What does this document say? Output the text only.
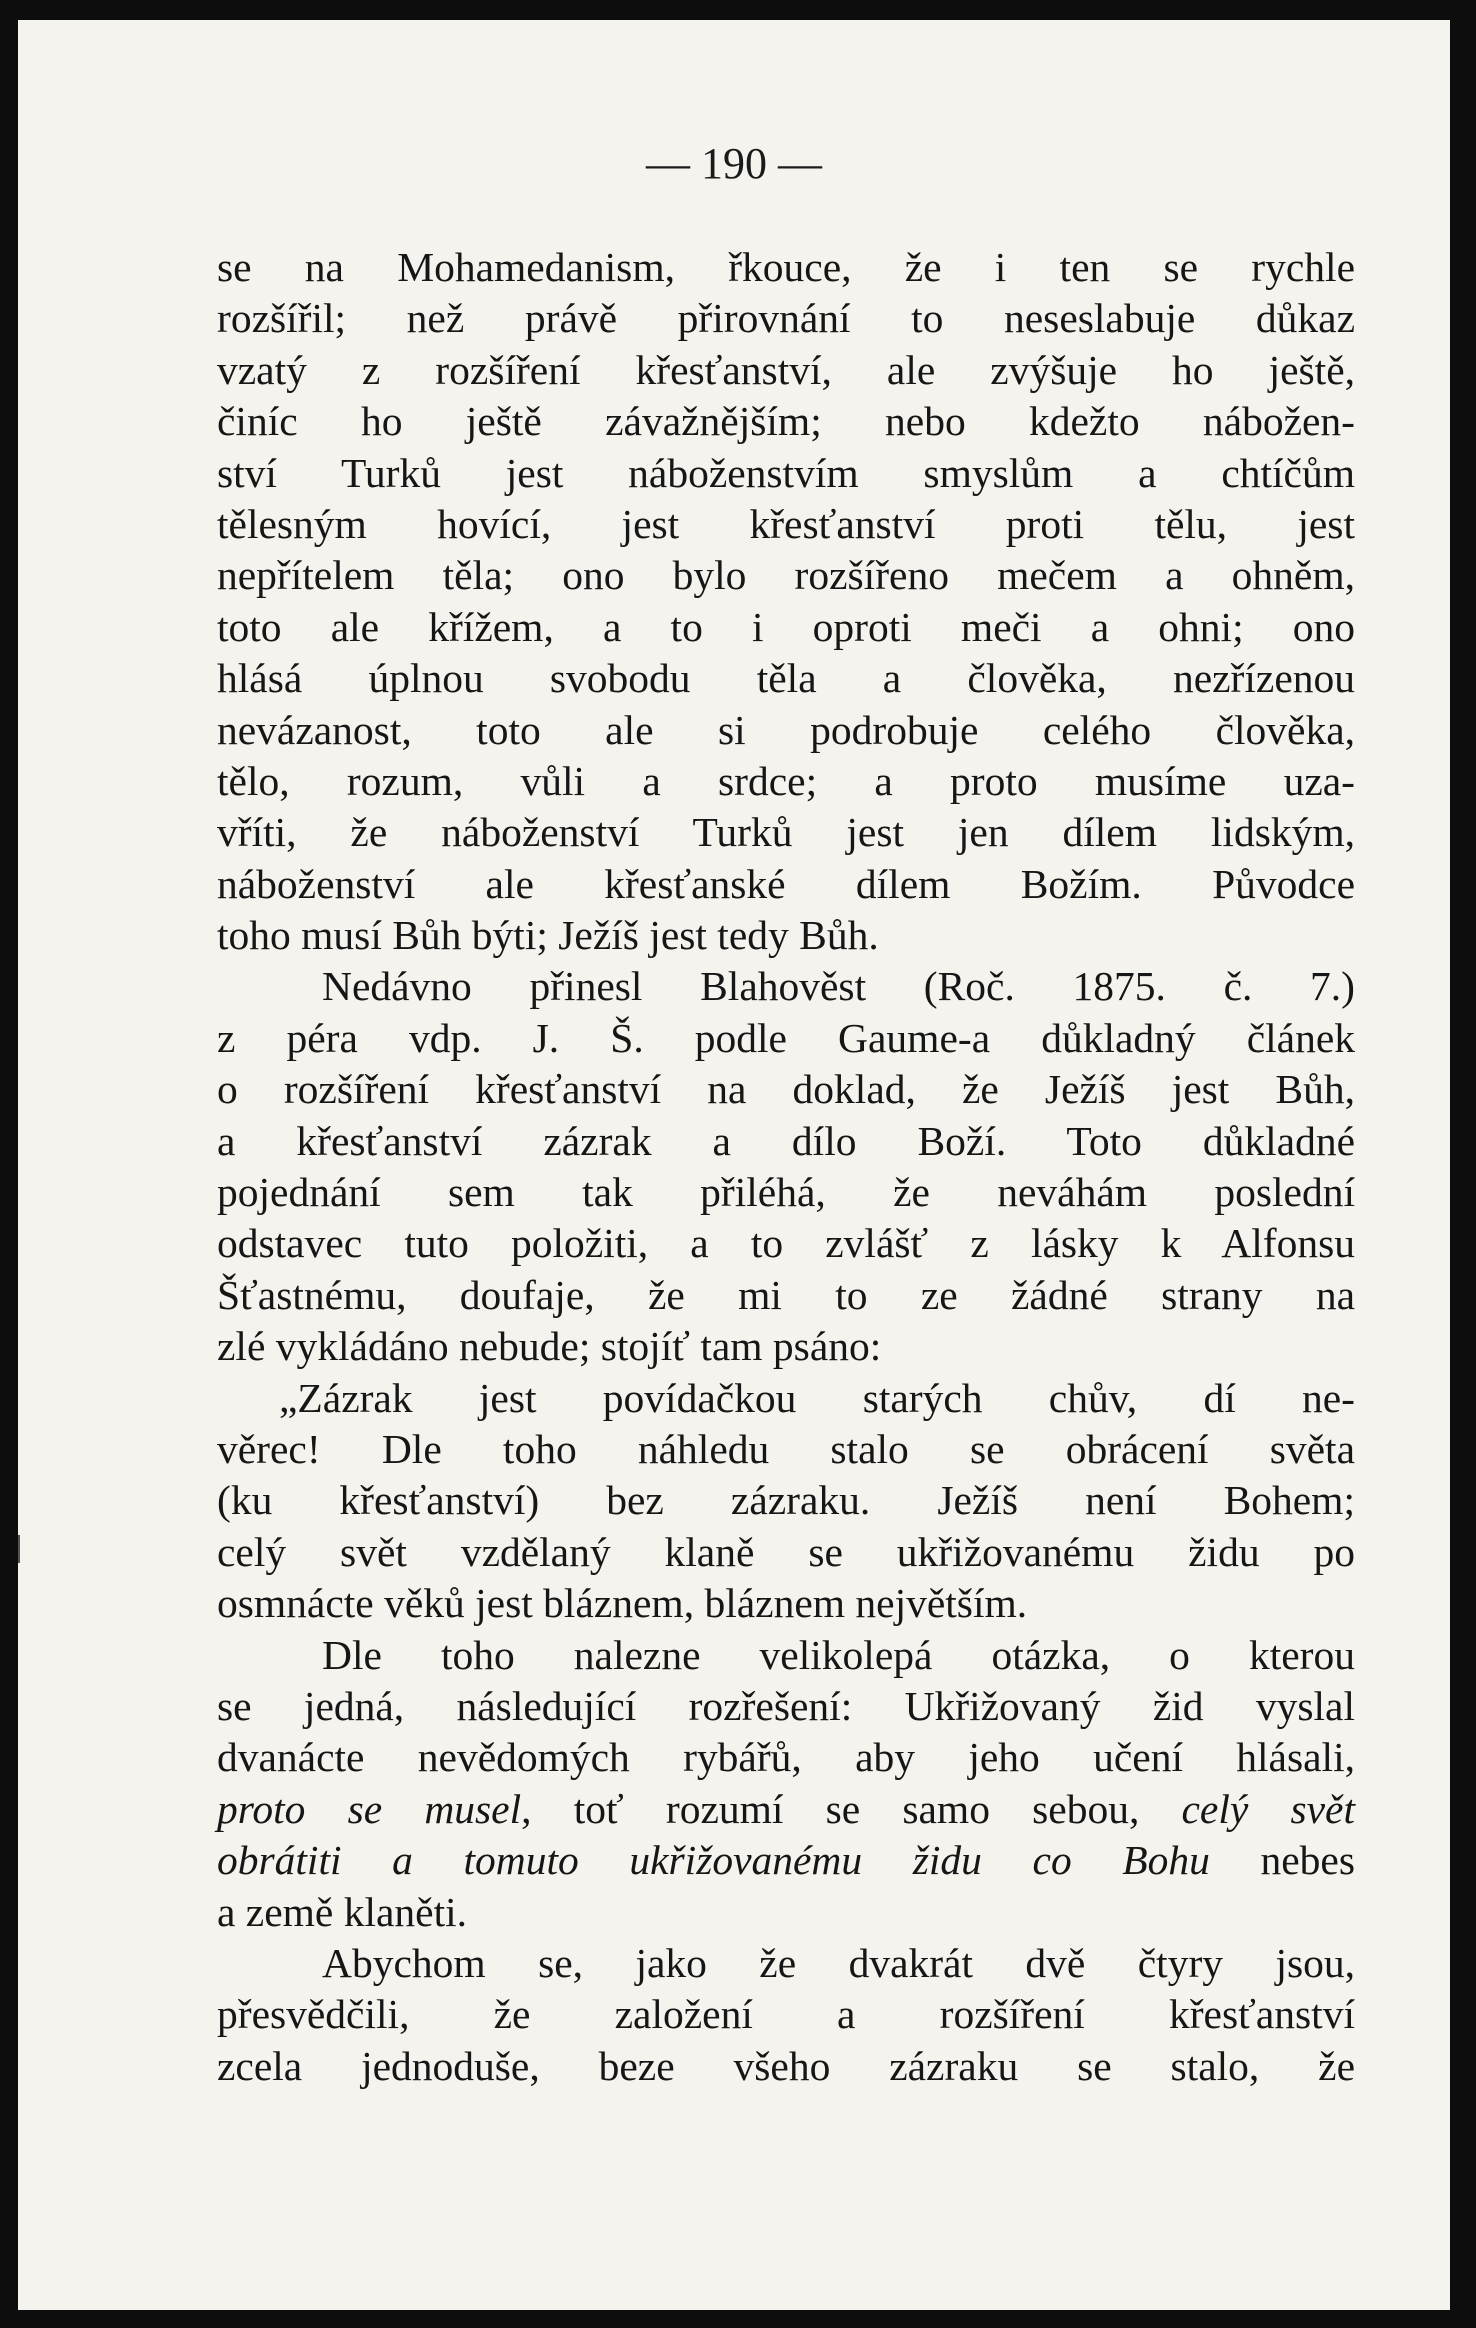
— 190 —
se na Mohamedanism, řkouce, že i ten se rychle
rozšířil; než právě přirovnání to neseslabuje důkaz
vzatý z rozšíření křesťanství, ale zvýšuje ho ještě,
činíc ho ještě závažnějším; nebo kdežto nábožen-
ství Turků jest náboženstvím smyslům a chtíčům
tělesným hovící, jest křesťanství proti tělu, jest
nepřítelem těla; ono bylo rozšířeno mečem a ohněm,
toto ale křížem, a to i oproti meči a ohni; ono
hlásá úplnou svobodu těla a člověka, nezřízenou
nevázanost, toto ale si podrobuje celého člověka,
tělo, rozum, vůli a srdce; a proto musíme uza-
vříti, že náboženství Turků jest jen dílem lidským,
náboženství ale křesťanské dílem Božím. Původce
toho musí Bůh býti; Ježíš jest tedy Bůh.
Nedávno přinesl Blahověst (Roč. 1875. č. 7.)
z péra vdp. J. Š. podle Gaume-a důkladný článek
o rozšíření křesťanství na doklad, že Ježíš jest Bůh,
a křesťanství zázrak a dílo Boží. Toto důkladné
pojednání sem tak přiléhá, že neváhám poslední
odstavec tuto položiti, a to zvlášť z lásky k Alfonsu
Šťastnému, doufaje, že mi to ze žádné strany na
zlé vykládáno nebude; stojíť tam psáno:
„Zázrak jest povídačkou starých chův, dí ne-
věrec! Dle toho náhledu stalo se obrácení světa
(ku křesťanství) bez zázraku. Ježíš není Bohem;
celý svět vzdělaný klaně se ukřižovanému židu po
osmnácte věků jest bláznem, bláznem největším.
Dle toho nalezne velikolepá otázka, o kterou
se jedná, následující rozřešení: Ukřižovaný žid vyslal
dvanácte nevědomých rybářů, aby jeho učení hlásali,
proto se musel, toť rozumí se samo sebou, celý svět
obrátiti a tomuto ukřižovanému židu co Bohu nebes
a země klaněti.
Abychom se, jako že dvakrát dvě čtyry jsou,
přesvědčili, že založení a rozšíření křesťanství
zcela jednoduše, beze všeho zázraku se stalo, že
